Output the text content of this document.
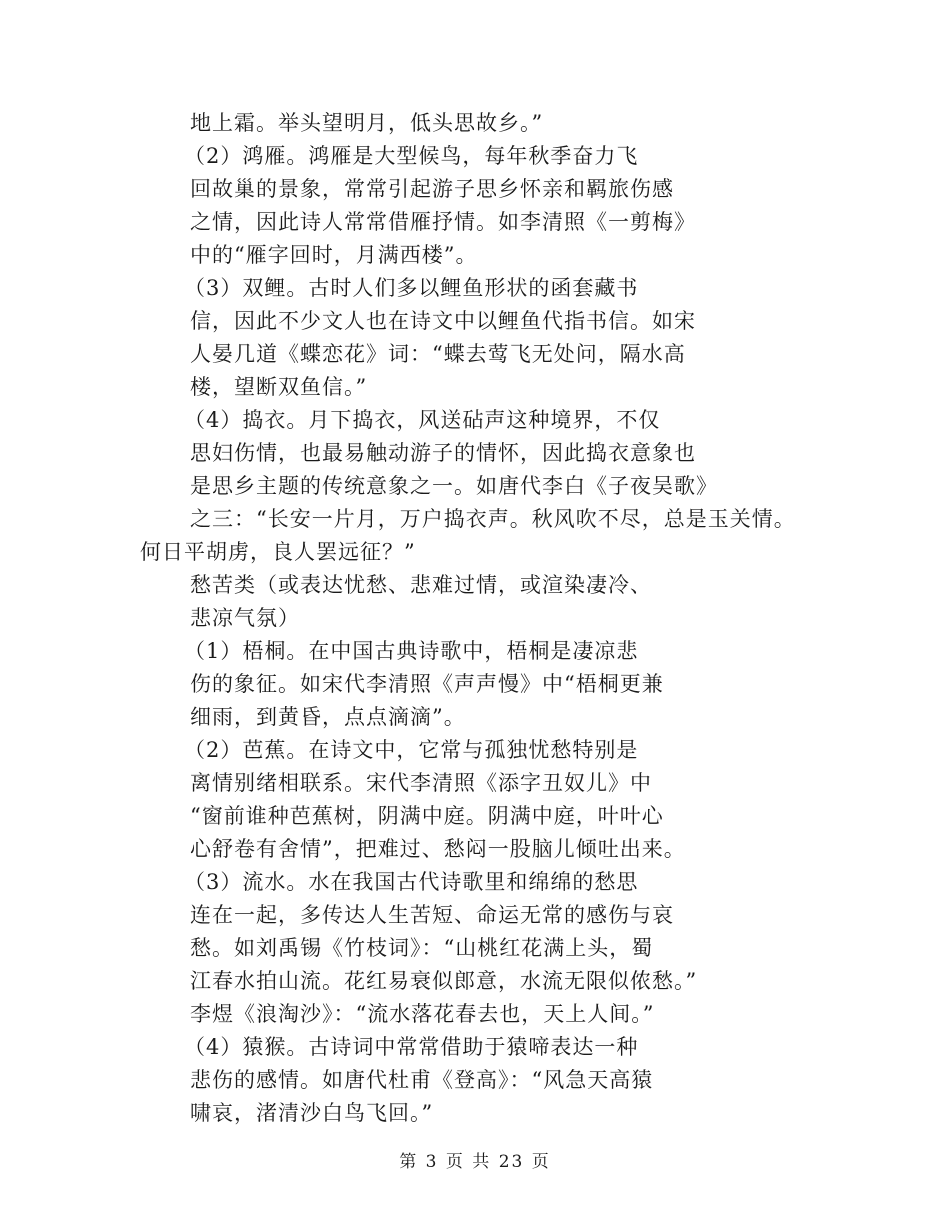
地上霜。举头望明月，低头思故乡。”
（2）鸿雁。鸿雁是大型候鸟，每年秋季奋力飞
回故巢的景象，常常引起游子思乡怀亲和羁旅伤感
之情，因此诗人常常借雁抒情。如李清照《一剪梅》
中的“雁字回时，月满西楼”。
（3）双鲤。古时人们多以鲤鱼形状的函套藏书
信，因此不少文人也在诗文中以鲤鱼代指书信。如宋
人晏几道《蝶恋花》词：“蝶去莺飞无处问，隔水高
楼，望断双鱼信。”
（4）捣衣。月下捣衣，风送砧声这种境界，不仅
思妇伤情，也最易触动游子的情怀，因此捣衣意象也
是思乡主题的传统意象之一。如唐代李白《子夜吴歌》
之三：“长安一片月，万户捣衣声。秋风吹不尽，总是玉关情。
何日平胡虏，良人罢远征？”
愁苦类（或表达忧愁、悲难过情，或渲染凄冷、
悲凉气氛）
（1）梧桐。在中国古典诗歌中，梧桐是凄凉悲
伤的象征。如宋代李清照《声声慢》中“梧桐更兼
细雨，到黄昏，点点滴滴”。
（2）芭蕉。在诗文中，它常与孤独忧愁特别是
离情别绪相联系。宋代李清照《添字丑奴儿》中
“窗前谁种芭蕉树，阴满中庭。阴满中庭，叶叶心
心舒卷有舍情”，把难过、愁闷一股脑儿倾吐出来。
（3）流水。水在我国古代诗歌里和绵绵的愁思
连在一起，多传达人生苦短、命运无常的感伤与哀
愁。如刘禹锡《竹枝词》：“山桃红花满上头，蜀
江春水拍山流。花红易衰似郎意，水流无限似侬愁。”
李煜《浪淘沙》：“流水落花春去也，天上人间。”
（4）猿猴。古诗词中常常借助于猿啼表达一种
悲伤的感情。如唐代杜甫《登高》：“风急天高猿
啸哀，渚清沙白鸟飞回。”
第 3 页 共 23 页
